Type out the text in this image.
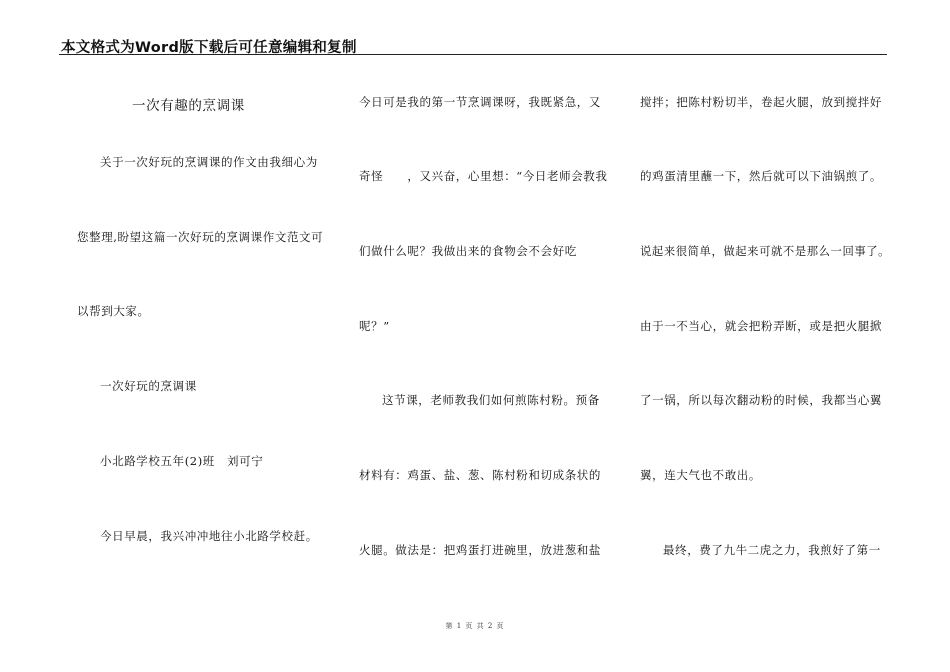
本文格式为Word版下载后可任意编辑和复制
一次有趣的烹调课
关于一次好玩的烹调课的作文由我细心为
您整理,盼望这篇一次好玩的烹调课作文范文可
以帮到大家。
一次好玩的烹调课
小北路学校五年(2)班　刘可宁
今日早晨，我兴冲冲地往小北路学校赶。
今日可是我的第一节烹调课呀，我既紧急，又
奇怪　　，又兴奋，心里想：“今日老师会教我
们做什么呢？我做出来的食物会不会好吃
呢？”
这节课，老师教我们如何煎陈村粉。预备
材料有：鸡蛋、盐、葱、陈村粉和切成条状的
火腿。做法是：把鸡蛋打进碗里，放进葱和盐
搅拌；把陈村粉切半，卷起火腿，放到搅拌好
的鸡蛋清里蘸一下，然后就可以下油锅煎了。
说起来很简单，做起来可就不是那么一回事了。
由于一不当心，就会把粉弄断，或是把火腿掀
了一锅，所以每次翻动粉的时候，我都当心翼
翼，连大气也不敢出。
最终，费了九牛二虎之力，我煎好了第一
第 1 页 共 2 页
